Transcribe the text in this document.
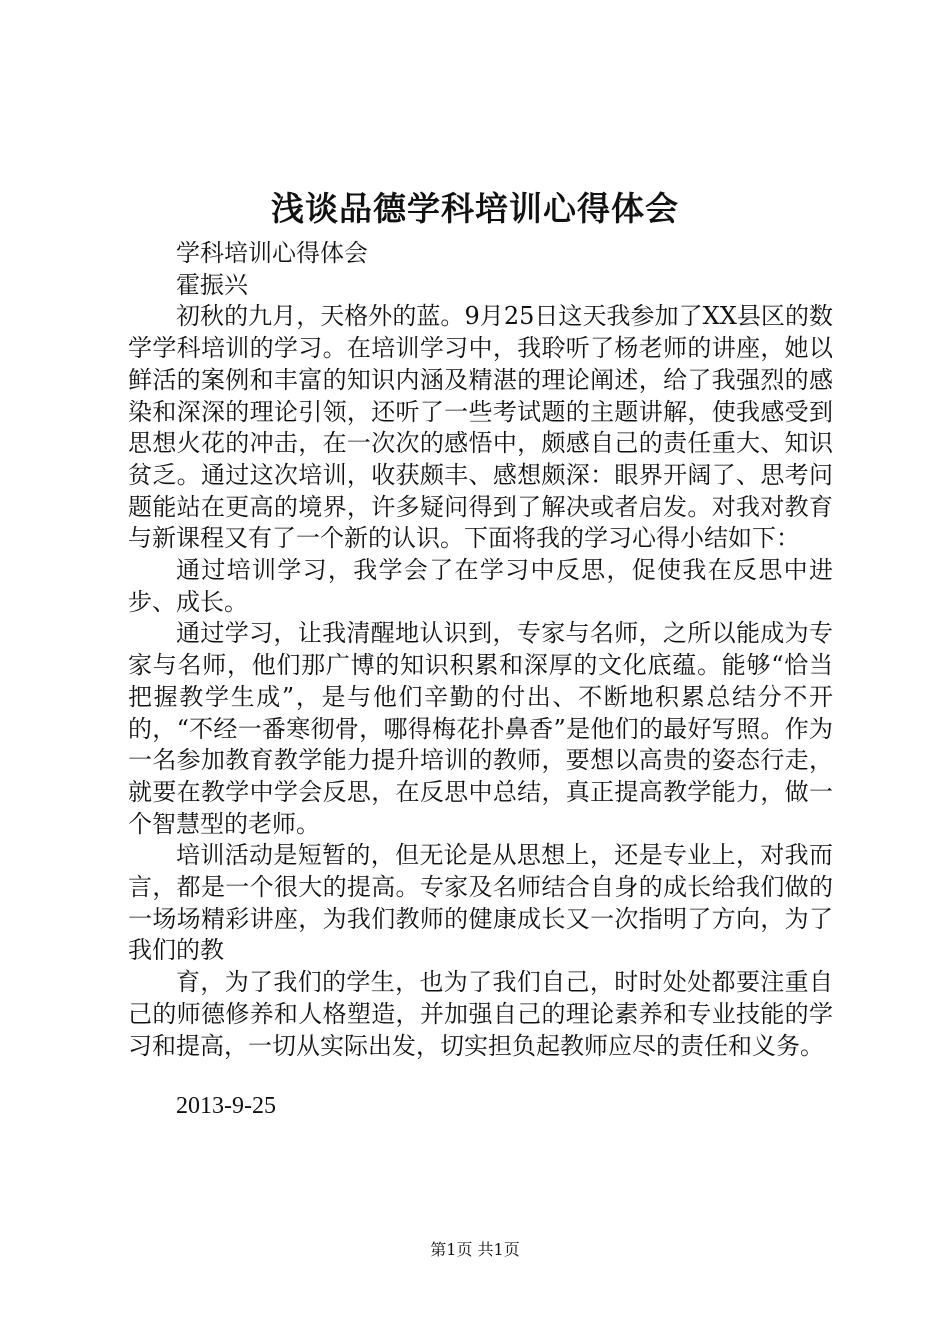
浅谈品德学科培训心得体会

学科培训心得体会

霍振兴

初秋的九月，天格外的蓝。9月25日这天我参加了XX县区的数学学科培训的学习。在培训学习中，我聆听了杨老师的讲座，她以鲜活的案例和丰富的知识内涵及精湛的理论阐述，给了我强烈的感染和深深的理论引领，还听了一些考试题的主题讲解，使我感受到思想火花的冲击，在一次次的感悟中，颇感自己的责任重大、知识贫乏。通过这次培训，收获颇丰、感想颇深：眼界开阔了、思考问题能站在更高的境界，许多疑问得到了解决或者启发。对我对教育与新课程又有了一个新的认识。下面将我的学习心得小结如下：

通过培训学习，我学会了在学习中反思，促使我在反思中进步、成长。

通过学习，让我清醒地认识到，专家与名师，之所以能成为专家与名师，他们那广博的知识积累和深厚的文化底蕴。能够“恰当把握教学生成”，是与他们辛勤的付出、不断地积累总结分不开的，“不经一番寒彻骨，哪得梅花扑鼻香”是他们的最好写照。作为一名参加教育教学能力提升培训的教师，要想以高贵的姿态行走，就要在教学中学会反思，在反思中总结，真正提高教学能力，做一个智慧型的老师。

培训活动是短暂的，但无论是从思想上，还是专业上，对我而言，都是一个很大的提高。专家及名师结合自身的成长给我们做的一场场精彩讲座，为我们教师的健康成长又一次指明了方向，为了我们的教

育，为了我们的学生，也为了我们自己，时时处处都要注重自己的师德修养和人格塑造，并加强自己的理论素养和专业技能的学习和提高，一切从实际出发，切实担负起教师应尽的责任和义务。

2013-9-25
第1页 共1页
